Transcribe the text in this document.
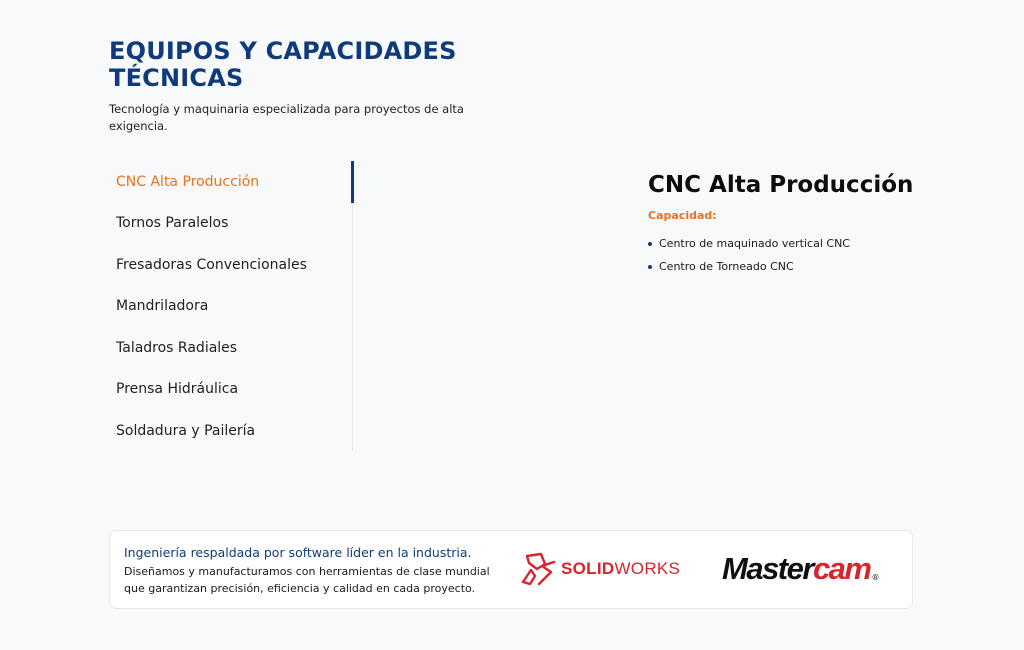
EQUIPOS Y CAPACIDADES TÉCNICAS

Tecnología y maquinaria especializada para proyectos de alta exigencia.

CNC Alta Producción
Tornos Paralelos
Fresadoras Convencionales
Mandriladora
Taladros Radiales
Prensa Hidráulica
Soldadura y Pailería
CNC Alta Producción
Capacidad:
Centro de maquinado vertical CNC
Centro de Torneado CNC
Ingeniería respaldada por software líder en la industria.
Diseñamos y manufacturamos con herramientas de clase mundial que garantizan precisión, eficiencia y calidad en cada proyecto.
SOLIDWORKS Mastercam ®
